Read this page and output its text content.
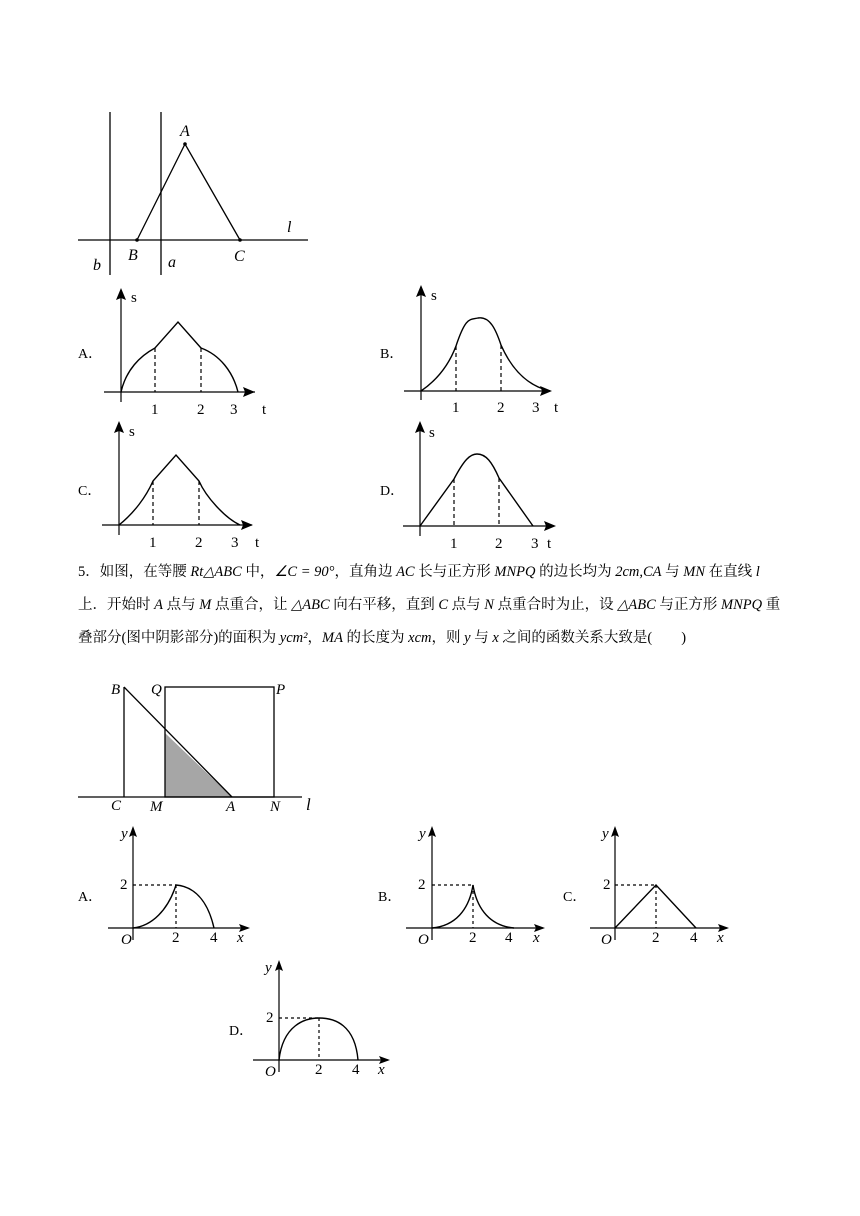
A
B	C
a
b
l
A．	B．
C．	D．
s
t
1	2 3
s
t
1	2 3
s
t
1	2 3
s
t
1	2 3

5．如图，在等腰 Rt△ABC 中，∠C = 90°，直角边 AC 长与正方形 MNPQ 的边长均为 2cm,CA 与 MN 在直线 l

上．开始时 A 点与 M 点重合，让 △ABC 向右平移，直到 C 点与 N 点重合时为止，设 △ABC 与正方形 MNPQ 重

叠部分(图中阴影部分)的面积为 ycm²，MA 的长度为 xcm，则 y 与 x 之间的函数关系大致是(　　)

B Q	P
C M	A N l
A．	B．	C．
D．
y
x
O
2
2 4
y
x
O
2
2 4
y
x
O
2
2 4
y
x
O
2
2 4
